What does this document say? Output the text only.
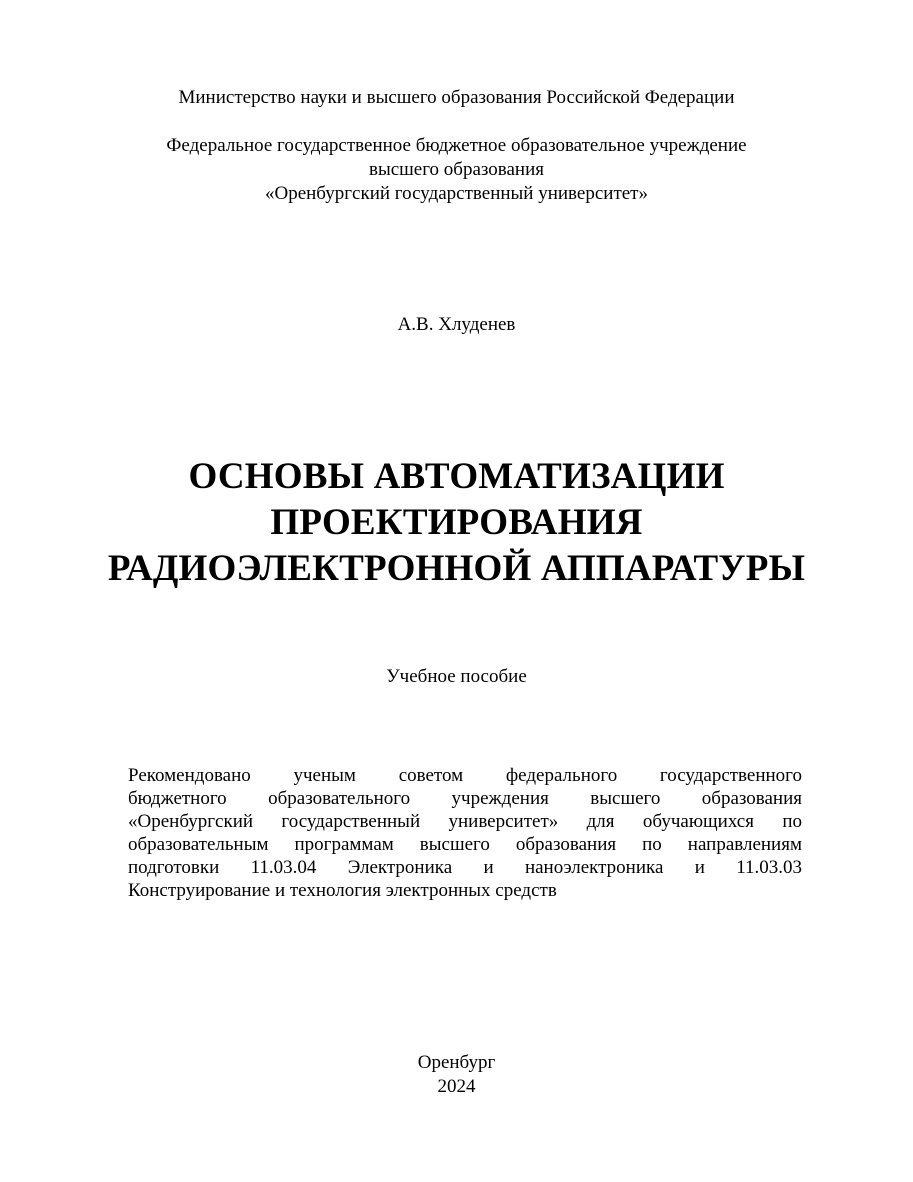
Министерство науки и высшего образования Российской Федерации
Федеральное государственное бюджетное образовательное учреждение
высшего образования
«Оренбургский государственный университет»
А.В. Хлуденев
ОСНОВЫ АВТОМАТИЗАЦИИ
ПРОЕКТИРОВАНИЯ
РАДИОЭЛЕКТРОННОЙ АППАРАТУРЫ
Учебное пособие
Рекомендовано ученым советом федерального государственного
бюджетного образовательного учреждения высшего образования
«Оренбургский государственный университет» для обучающихся по
образовательным программам высшего образования по направлениям
подготовки 11.03.04 Электроника и наноэлектроника и 11.03.03
Конструирование и технология электронных средств
Оренбург
2024
